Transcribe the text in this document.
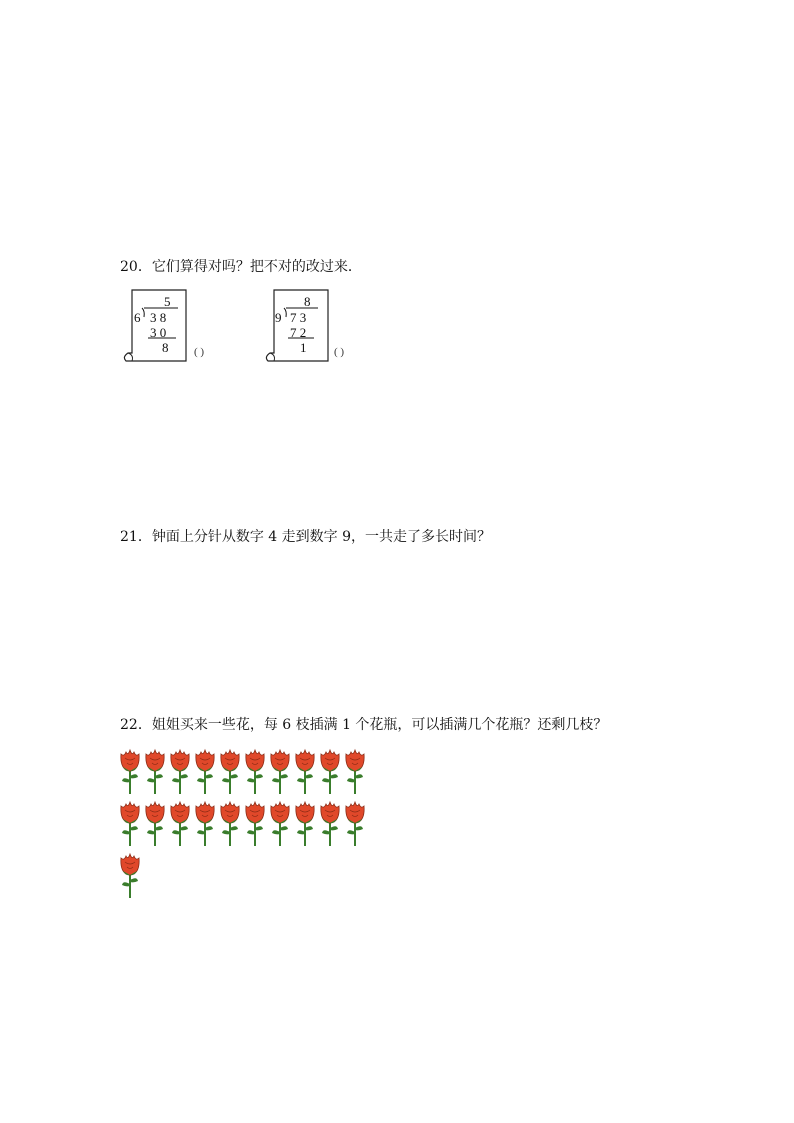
20．它们算得对吗？把不对的改过来．
5
6 3 8
3 0
8 ( )
8
9 7 3
7 2
1	( )
21．钟面上分针从数字 4 走到数字 9，一共走了多长时间？
22．姐姐买来一些花，每 6 枝插满 1 个花瓶，可以插满几个花瓶？还剩几枝？
